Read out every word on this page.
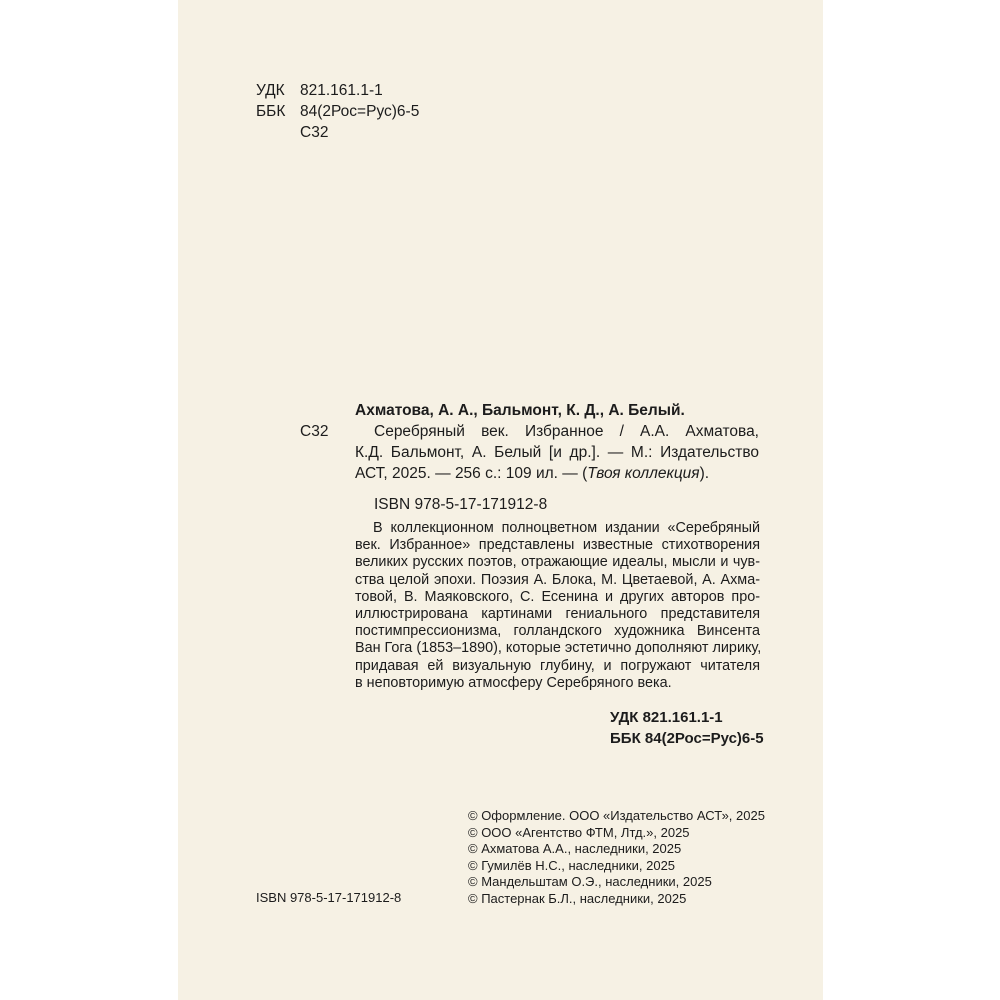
УДК 821.161.1-1
ББК 84(2Рос=Рус)6-5
С32
Ахматова, А. А., Бальмонт, К. Д., А. Белый.
С32	Серебряный век. Избранное / А.А. Ахматова,
К.Д. Бальмонт, А. Белый [и др.]. — М.: Издательство
АСТ, 2025. — 256 с.: 109 ил. — (Твоя коллекция).
ISBN 978-5-17-171912-8
В коллекционном полноцветном издании «Серебряный
век. Избранное» представлены известные стихотворения
великих русских поэтов, отражающие идеалы, мысли и чув-
ства целой эпохи. Поэзия А. Блока, М. Цветаевой, А. Ахма-
товой, В. Маяковского, С. Есенина и других авторов про-
иллюстрирована картинами гениального представителя
постимпрессионизма, голландского художника Винсента
Ван Гога (1853–1890), которые эстетично дополняют лирику,
придавая ей визуальную глубину, и погружают читателя
в неповторимую атмосферу Серебряного века.
УДК 821.161.1-1
ББК 84(2Рос=Рус)6-5
© Оформление. ООО «Издательство АСТ», 2025
© ООО «Агентство ФТМ, Лтд.», 2025
© Ахматова А.А., наследники, 2025
© Гумилёв Н.С., наследники, 2025
© Мандельштам О.Э., наследники, 2025
© Пастернак Б.Л., наследники, 2025
ISBN 978-5-17-171912-8
